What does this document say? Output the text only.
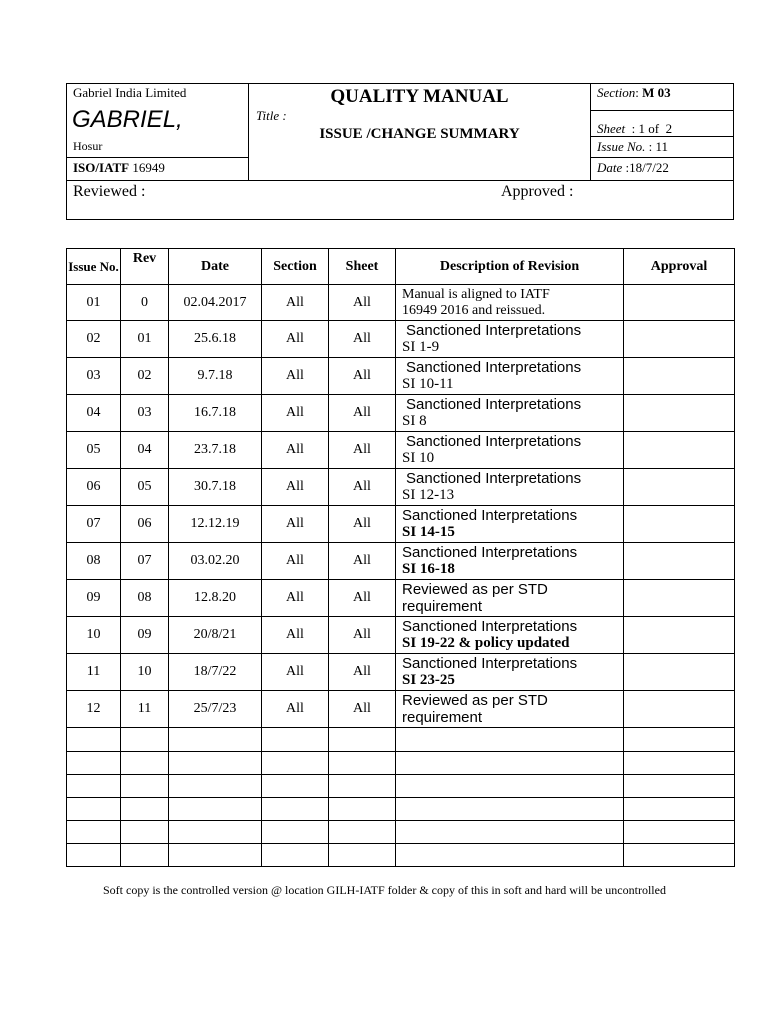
Gabriel India Limited
GABRIEL,
Hosur
ISO/IATF 16949
QUALITY MANUAL
Title :
ISSUE /CHANGE SUMMARY
Section: M 03
Sheet  : 1 of  2
Issue No. : 11
Date :18/7/22
Reviewed :	Approved :
Issue No.	Rev	Date	Section	Sheet	Description of Revision	Approval
01	0	02.04.2017	All	All	Manual is aligned to IATF
16949 2016 and reissued.	

02	01	25.6.18	All	All	Sanctioned Interpretations
SI 1-9	

03	02	9.7.18	All	All	Sanctioned Interpretations
SI 10-11	

04	03	16.7.18	All	All	Sanctioned Interpretations
SI 8	

05	04	23.7.18	All	All	Sanctioned Interpretations
SI 10	

06	05	30.7.18	All	All	Sanctioned Interpretations
SI 12-13	

07	06	12.12.19	All	All	Sanctioned Interpretations
SI 14-15	

08	07	03.02.20	All	All	Sanctioned Interpretations
SI 16-18	

09	08	12.8.20	All	All	Reviewed as per STD
requirement	

10	09	20/8/21	All	All	Sanctioned Interpretations
SI 19-22 & policy updated	

11	10	18/7/22	All	All	Sanctioned Interpretations
SI 23-25	

12	11	25/7/23	All	All	Reviewed as per STD
requirement	

Soft copy is the controlled version @ location GILH-IATF folder & copy of this in soft and hard will be uncontrolled
